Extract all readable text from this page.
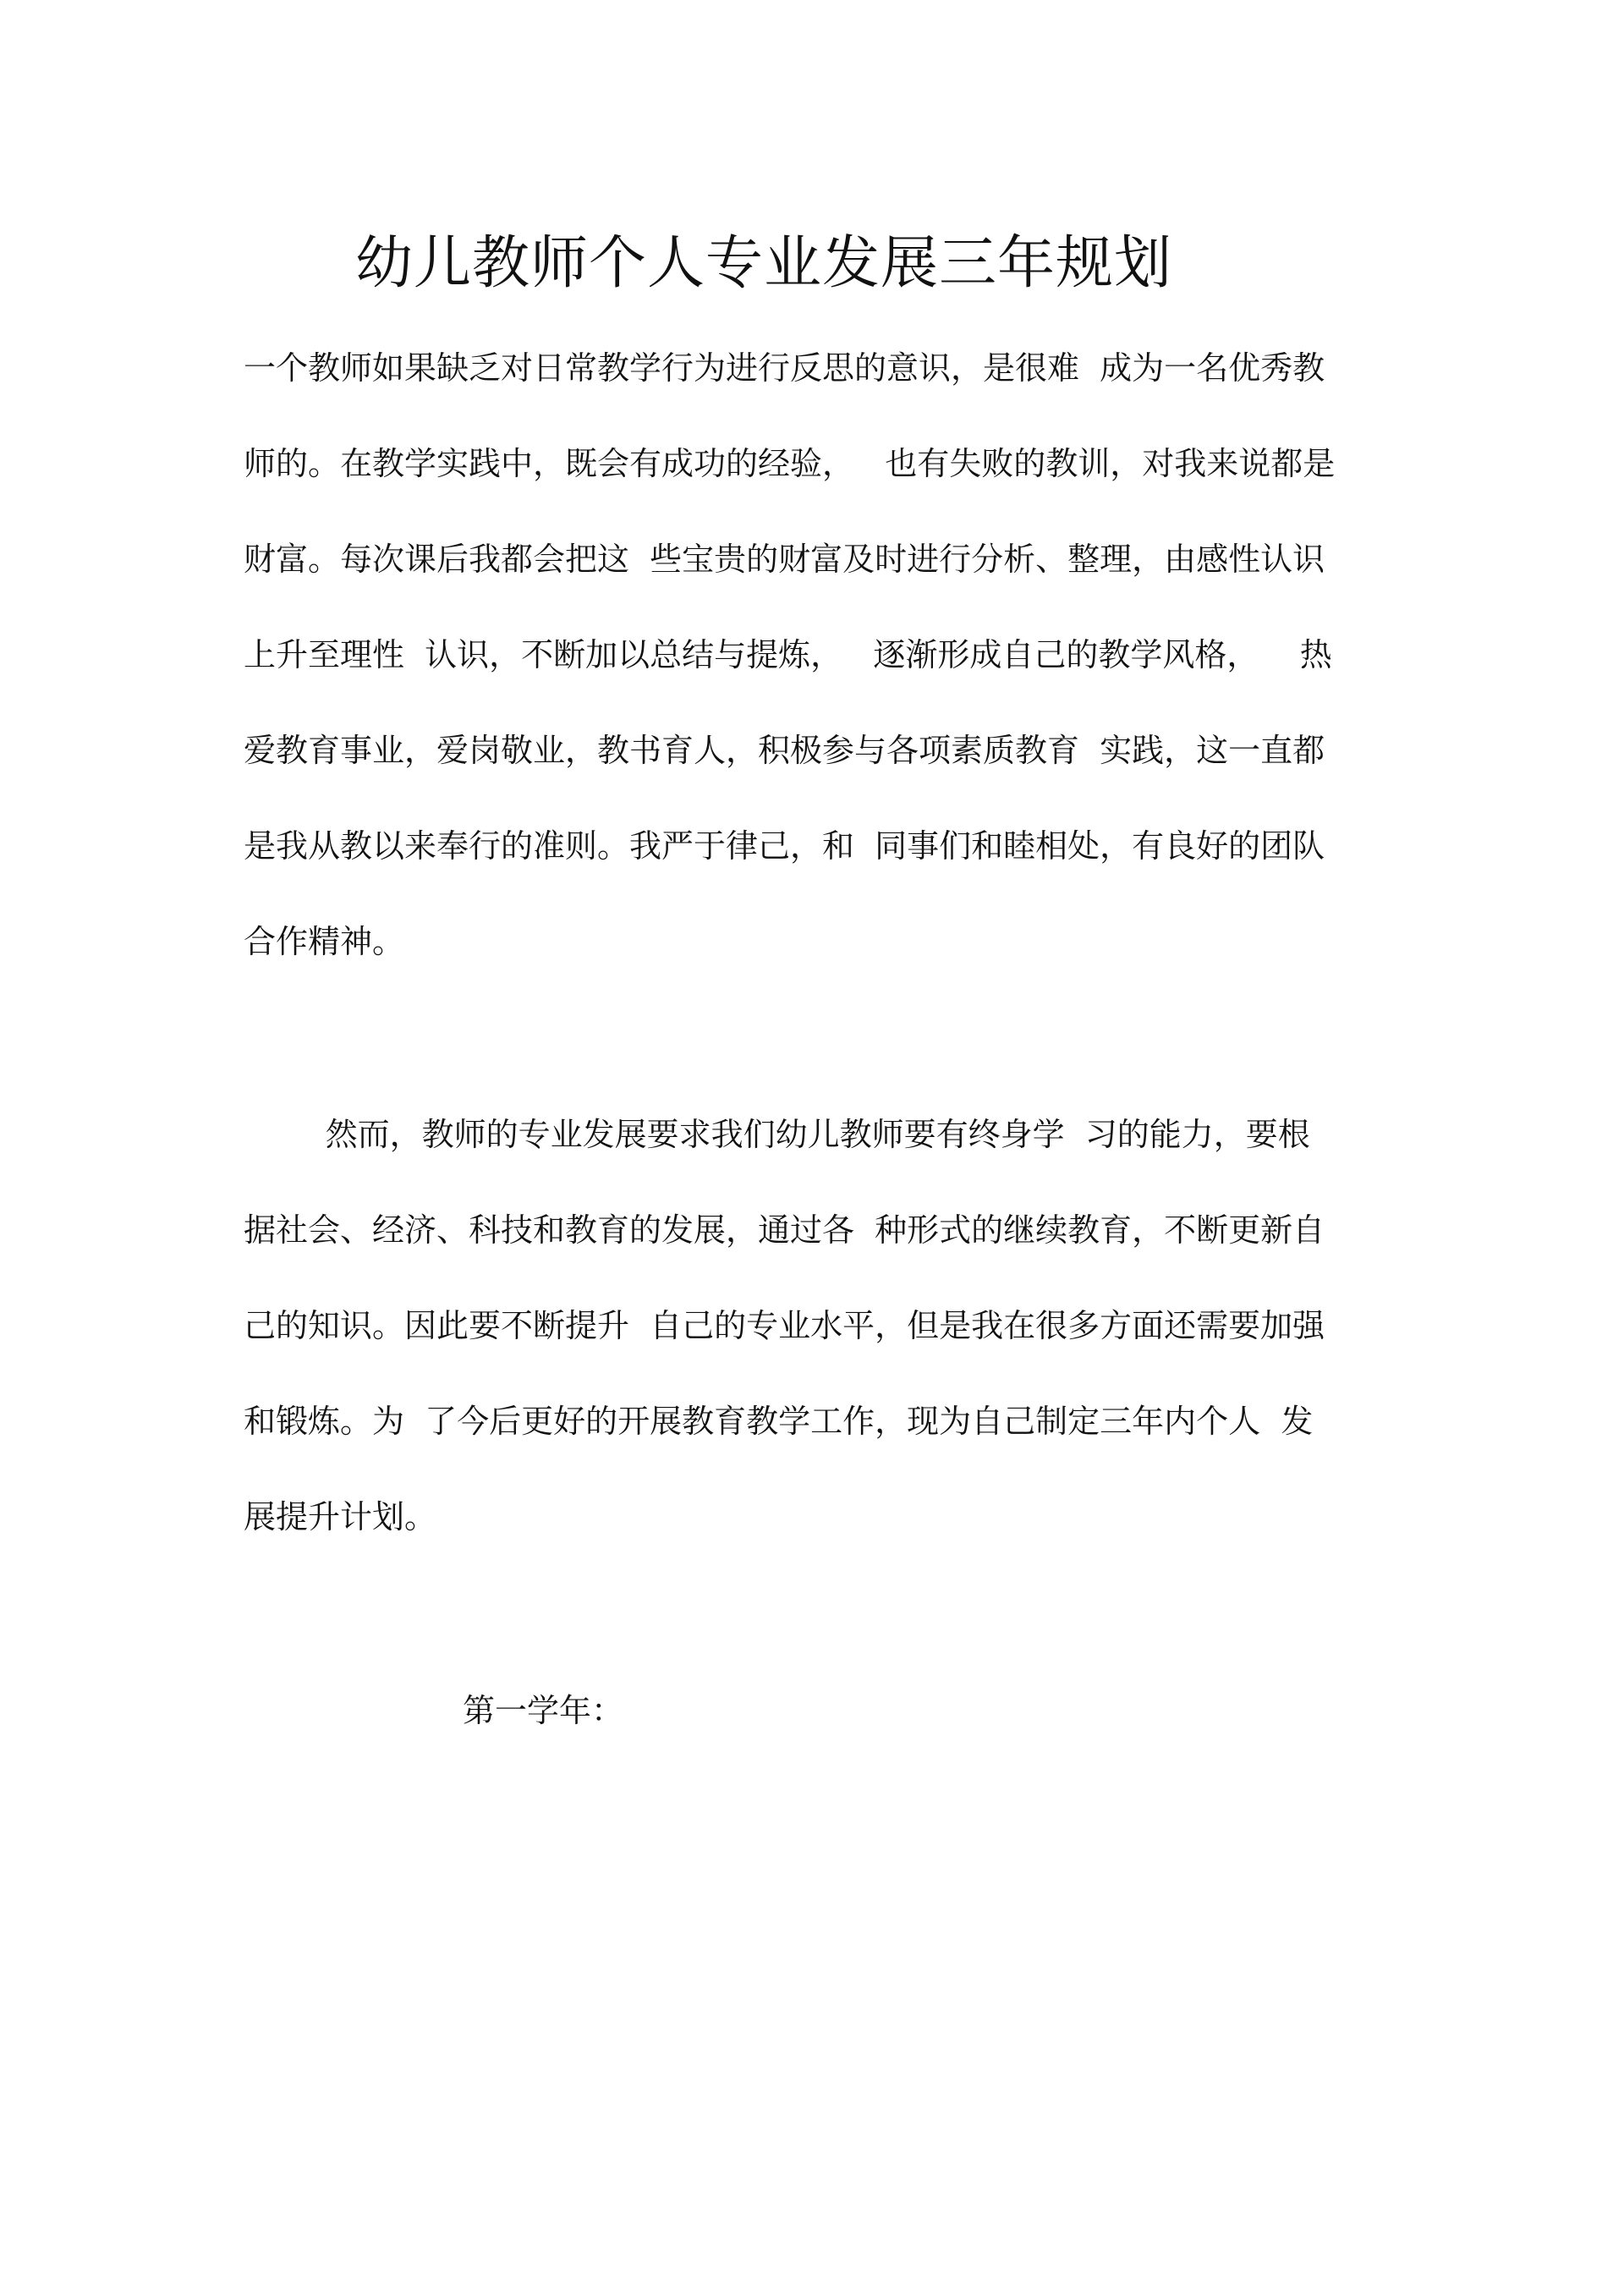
幼儿教师个人专业发展三年规划

一个教师如果缺乏对日常教学行为进行反思的意识，是很难  成为一名优秀教

师的。在教学实践中，既会有成功的经验，   也有失败的教训，对我来说都是

财富。每次课后我都会把这  些宝贵的财富及时进行分析、整理，由感性认识

上升至理性  认识，不断加以总结与提炼，   逐渐形成自己的教学风格，    热

爱教育事业，爱岗敬业，教书育人，积极参与各项素质教育  实践，这一直都

是我从教以来奉行的准则。我严于律己，和  同事们和睦相处，有良好的团队

合作精神。

然而，教师的专业发展要求我们幼儿教师要有终身学  习的能力，要根

据社会、经济、科技和教育的发展，通过各  种形式的继续教育，不断更新自

己的知识。因此要不断提升  自己的专业水平，但是我在很多方面还需要加强

和锻炼。为  了今后更好的开展教育教学工作，现为自己制定三年内个人  发

展提升计划。

第一学年：
